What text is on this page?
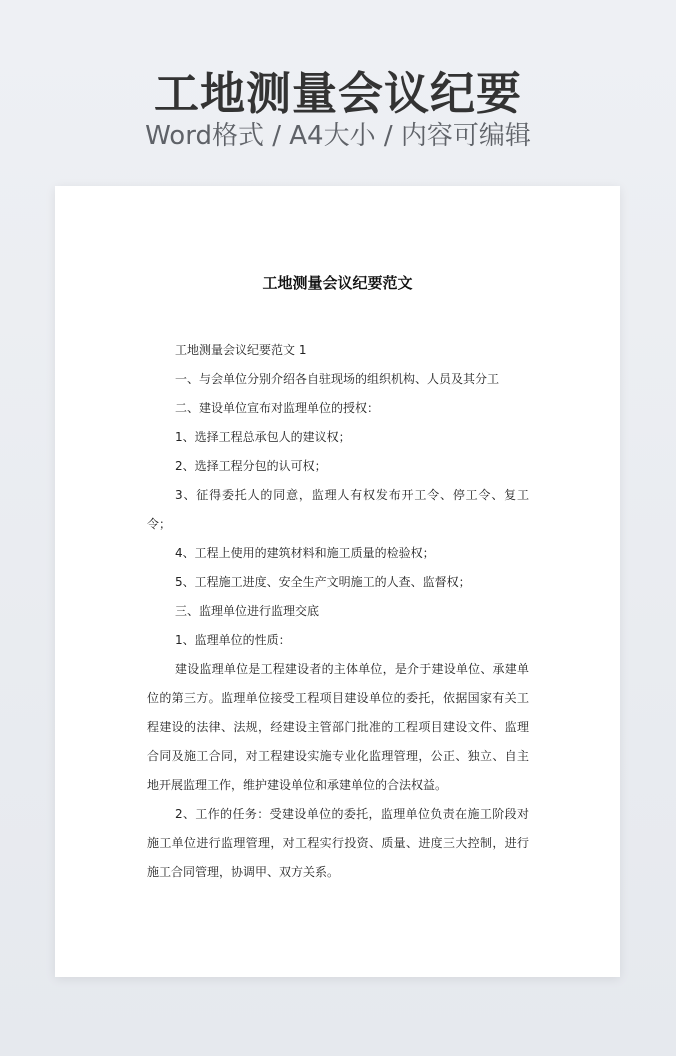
工地测量会议纪要
Word格式 / A4大小 / 内容可编辑
工地测量会议纪要范文

工地测量会议纪要范文 1

一、与会单位分别介绍各自驻现场的组织机构、人员及其分工

二、建设单位宣布对监理单位的授权：

1、选择工程总承包人的建议权；

2、选择工程分包的认可权；

3、征得委托人的同意，监理人有权发布开工令、停工令、复工令；

4、工程上使用的建筑材料和施工质量的检验权；

5、工程施工进度、安全生产文明施工的人查、监督权；

三、监理单位进行监理交底

1、监理单位的性质：

建设监理单位是工程建设者的主体单位，是介于建设单位、承建单位的第三方。监理单位接受工程项目建设单位的委托，依据国家有关工程建设的法律、法规，经建设主管部门批准的工程项目建设文件、监理合同及施工合同，对工程建设实施专业化监理管理，公正、独立、自主地开展监理工作，维护建设单位和承建单位的合法权益。

2、工作的任务：受建设单位的委托，监理单位负责在施工阶段对施工单位进行监理管理，对工程实行投资、质量、进度三大控制，进行施工合同管理，协调甲、双方关系。
